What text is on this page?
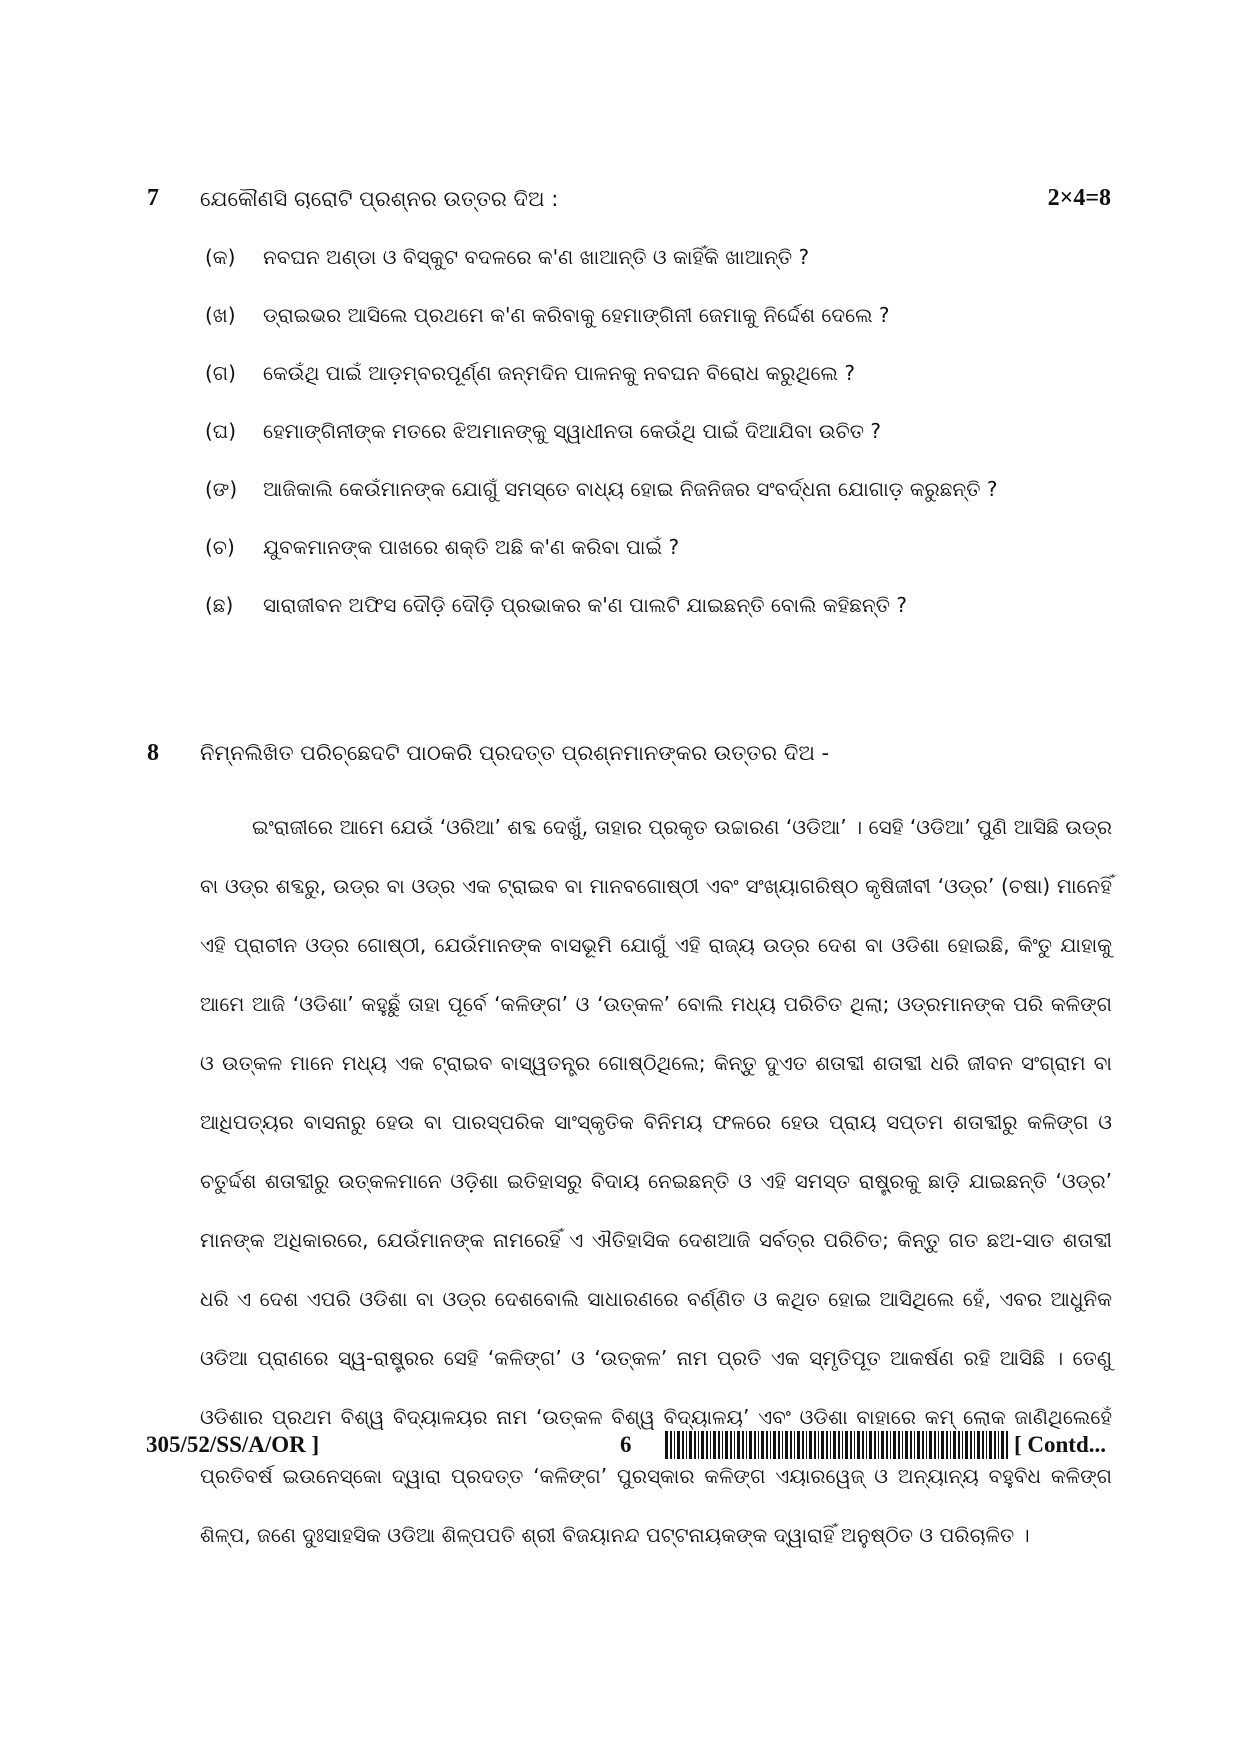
7 ଯେକୌଣସି ଚାରୋଟି ପ୍ରଶ୍ନର ଉତ୍ତର ଦିଅ :	2×4=8
(କ) ନବଘନ ଅଣ୍ଡା ଓ ବିସ୍କୁଟ ବଦଳରେ କ'ଣ ଖାଆନ୍ତି ଓ କାହିଁକି ଖାଆନ୍ତି ?
(ଖ) ଡ୍ରାଇଭର ଆସିଲେ ପ୍ରଥମେ କ'ଣ କରିବାକୁ ହେମାଙ୍ଗିନୀ ଜେମାକୁ ନିର୍ଦ୍ଦେଶ ଦେଲେ ?
(ଗ) କେଉଁଥି ପାଇଁ ଆଡ଼ମ୍ବରପୂର୍ଣ୍ଣ ଜନ୍ମଦିନ ପାଳନକୁ ନବଘନ ବିରୋଧ କରୁଥିଲେ ?
(ଘ) ହେମାଙ୍ଗିନୀଙ୍କ ମତରେ ଝିଅମାନଙ୍କୁ ସ୍ୱାଧୀନତା କେଉଁଥି ପାଇଁ ଦିଆଯିବା ଉଚିତ ?
(ଙ) ଆଜିକାଲି କେଉଁମାନଙ୍କ ଯୋଗୁଁ ସମସ୍ତେ ବାଧ୍ୟ ହୋଇ ନିଜନିଜର ସଂବର୍ଦ୍ଧନା ଯୋଗାଡ଼ କରୁଛନ୍ତି ?
(ଚ) ଯୁବକମାନଙ୍କ ପାଖରେ ଶକ୍ତି ଅଛି କ'ଣ କରିବା ପାଇଁ ?
(ଛ) ସାରାଜୀବନ ଅଫିସ ଦୌଡ଼ି ଦୌଡ଼ି ପ୍ରଭାକର କ'ଣ ପାଲଟି ଯାଇଛନ୍ତି ବୋଲି କହିଛନ୍ତି ?
8 ନିମ୍ନଲିଖିତ ପରିଚ୍ଛେଦଟି ପାଠକରି ପ୍ରଦତ୍ତ ପ୍ରଶ୍ନମାନଙ୍କର ଉତ୍ତର ଦିଅ -

ଇଂରାଜୀରେ ଆମେ ଯେଉଁ ‘ଓରିଆ’ ଶବ୍ଦ ଦେଖୁଁ, ତାହାର ପ୍ରକୃତ ଉଚ୍ଚାରଣ ‘ଓଡିଆ’ । ସେହି ‘ଓଡିଆ’ ପୁଣି ଆସିଛି ଉଡ୍ର ବା ଓଡ୍ର ଶବ୍ଦରୁ, ଉଡ୍ର ବା ଓଡ୍ର ଏକ ଟ୍ରାଇବ ବା ମାନବଗୋଷ୍ଠୀ ଏବଂ ସଂଖ୍ୟାଗରିଷ୍ଠ କୃଷିଜୀବୀ ‘ଓଡ୍ର’ (ଚଷା) ମାନେହିଁ ଏହି ପ୍ରାଚୀନ ଓଡ୍ର ଗୋଷ୍ଠୀ, ଯେଉଁମାନଙ୍କ ବାସଭୂମି ଯୋଗୁଁ ଏହି ରାଜ୍ୟ ଉଡ୍ର ଦେଶ ବା ଓଡିଶା ହୋଇଛି, କିଂତୁ ଯାହାକୁ ଆମେ ଆଜି ‘ଓଡିଶା’ କହୁଛୁଁ ତାହା ପୂର୍ବେ ‘କଳିଙ୍ଗ’ ଓ ‘ଉତ୍କଳ’ ବୋଲି ମଧ୍ୟ ପରିଚିତ ଥିଲା; ଓଡ୍ରମାନଙ୍କ ପରି କଳିଙ୍ଗ ଓ ଉତ୍କଳ ମାନେ ମଧ୍ୟ ଏକ ଟ୍ରାଇବ ବାସ୍ୱତନ୍ତ୍ର ଗୋଷ୍ଠିଥିଲେ; କିନ୍ତୁ ଦୁଏତ ଶତାବ୍ଦୀ ଶତାବ୍ଦୀ ଧରି ଜୀବନ ସଂଗ୍ରାମ ବା ଆଧିପତ୍ୟର ବାସନାରୁ ହେଉ ବା ପାରସ୍ପରିକ ସାଂସ୍କୃତିକ ବିନିମୟ ଫଳରେ ହେଉ ପ୍ରାୟ ସପ୍ତମ ଶତାବ୍ଦୀରୁ କଳିଙ୍ଗ ଓ ଚତୁର୍ଦ୍ଦଶ ଶତାବ୍ଦୀରୁ ଉତ୍କଳମାନେ ଓଡ଼ିଶା ଇତିହାସରୁ ବିଦାୟ ନେଇଛନ୍ତି ଓ ଏହି ସମସ୍ତ ରାଷ୍ଟ୍ରକୁ ଛାଡ଼ି ଯାଇଛନ୍ତି ‘ଓଡ୍ର’ ମାନଙ୍କ ଅଧିକାରରେ, ଯେଉଁମାନଙ୍କ ନାମରେହିଁ ଏ ଐତିହାସିକ ଦେଶଆଜି ସର୍ବତ୍ର ପରିଚିତ; କିନ୍ତୁ ଗତ ଛଅ-ସାତ ଶତାବ୍ଦୀ ଧରି ଏ ଦେଶ ଏପରି ଓଡିଶା ବା ଓଡ୍ର ଦେଶବୋଲି ସାଧାରଣରେ ବର୍ଣ୍ଣିତ ଓ କଥିତ ହୋଇ ଆସିଥିଲେ ହେଁ, ଏବର ଆଧୁନିକ ଓଡିଆ ପ୍ରାଣରେ ସ୍ୱ-ରାଷ୍ଟ୍ରର ସେହି ‘କଳିଙ୍ଗ’ ଓ ‘ଉତ୍କଳ’ ନାମ ପ୍ରତି ଏକ ସ୍ମୃତିପୂତ ଆକର୍ଷଣ ରହି ଆସିଛି । ତେଣୁ ଓଡିଶାର ପ୍ରଥମ ବିଶ୍ୱ ବିଦ୍ୟାଳୟର ନାମ ‘ଉତ୍କଳ ବିଶ୍ୱ ବିଦ୍ୟାଳୟ’ ଏବଂ ଓଡିଶା ବାହାରେ କମ୍ ଲୋକ ଜାଣିଥିଲେହେଁ ପ୍ରତିବର୍ଷ ଇଉନେସ୍କୋ ଦ୍ୱାରା ପ୍ରଦତ୍ତ ‘କଳିଙ୍ଗ’ ପୁରସ୍କାର କଳିଙ୍ଗ ଏୟାରୱେଜ୍ ଓ ଅନ୍ୟାନ୍ୟ ବହୁବିଧ କଳିଙ୍ଗ ଶିଳ୍ପ, ଜଣେ ଦୁଃସାହସିକ ଓଡିଆ ଶିଳ୍ପପତି ଶ୍ରୀ ବିଜୟାନନ୍ଦ ପଟ୍ଟନାୟକଙ୍କ ଦ୍ୱାରାହିଁ ଅନୁଷ୍ଠିତ ଓ ପରିଚାଳିତ ।

305/52/SS/A/OR ]	6	[ Contd...
